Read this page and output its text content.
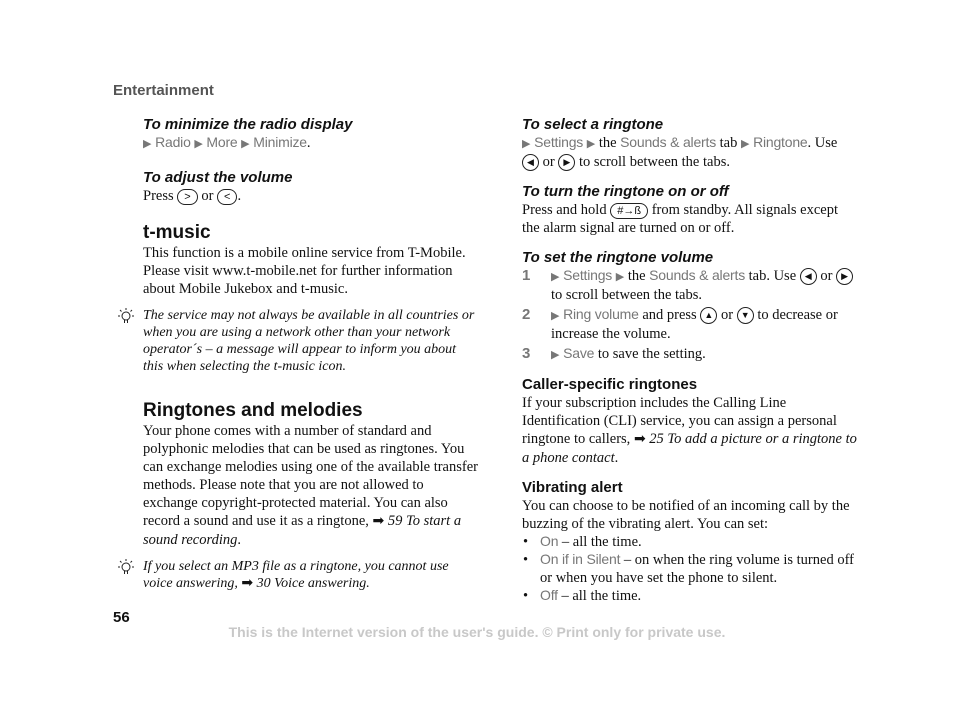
Entertainment

To minimize the radio display

▶ Radio ▶ More ▶ Minimize.

To adjust the volume

Press > or < .

t-music

This function is a mobile online service from T-Mobile. Please visit www.t-mobile.net for further information about Mobile Jukebox and t-music.

The service may not always be available in all countries or when you are using a network other than your network operator´s – a message will appear to inform you about this when selecting the t-music icon.

Ringtones and melodies

Your phone comes with a number of standard and polyphonic melodies that can be used as ringtones. You can exchange melodies using one of the available transfer methods. Please note that you are not allowed to exchange copyright-protected material. You can also record a sound and use it as a ringtone, ➡ 59 To start a sound recording.

If you select an MP3 file as a ringtone, you cannot use voice answering, ➡ 30 Voice answering.

To select a ringtone

▶ Settings ▶ the Sounds & alerts tab ▶ Ringtone. Use ◀ or ▶ to scroll between the tabs.

To turn the ringtone on or off

Press and hold #→ß from standby. All signals except the alarm signal are turned on or off.

To set the ringtone volume

1 ▶ Settings ▶ the Sounds & alerts tab. Use ◀ or ▶ to scroll between the tabs.
2 ▶ Ring volume and press ▲ or ▼ to decrease or increase the volume.
3 ▶ Save to save the setting.

Caller-specific ringtones

If your subscription includes the Calling Line Identification (CLI) service, you can assign a personal ringtone to callers, ➡ 25 To add a picture or a ringtone to a phone contact.

Vibrating alert

You can choose to be notified of an incoming call by the buzzing of the vibrating alert. You can set:

• On – all the time.
• On if in Silent – on when the ring volume is turned off or when you have set the phone to silent.
• Off – all the time.
56
This is the Internet version of the user's guide. © Print only for private use.
